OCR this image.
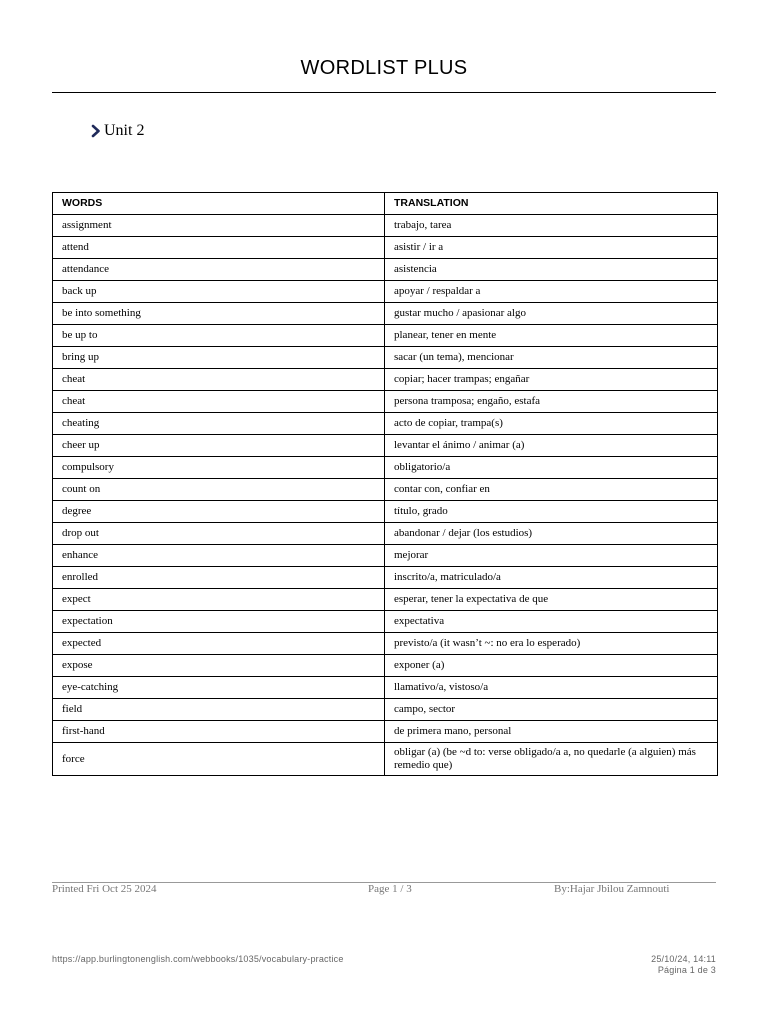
WORDLIST PLUS
Unit 2
WORDS	TRANSLATION
assignment	trabajo, tarea
attend	asistir / ir a
attendance	asistencia
back up	apoyar / respaldar a
be into something	gustar mucho / apasionar algo
be up to	planear, tener en mente
bring up	sacar (un tema), mencionar
cheat	copiar; hacer trampas; engañar
cheat	persona tramposa; engaño, estafa
cheating	acto de copiar, trampa(s)
cheer up	levantar el ánimo / animar (a)
compulsory	obligatorio/a
count on	contar con, confiar en
degree	título, grado
drop out	abandonar / dejar (los estudios)
enhance	mejorar
enrolled	inscrito/a, matriculado/a
expect	esperar, tener la expectativa de que
expectation	expectativa
expected	previsto/a (it wasn’t ~: no era lo esperado)
expose	exponer (a)
eye-catching	llamativo/a, vistoso/a
field	campo, sector
first-hand	de primera mano, personal
force	obligar (a) (be ~d to: verse obligado/a a, no quedarle (a alguien) más remedio que)
Printed Fri Oct 25 2024	Page 1 / 3	By:Hajar Jbilou Zamnouti
https://app.burlingtonenglish.com/webbooks/1035/vocabulary-practice	25/10/24, 14:11
Página 1 de 3
